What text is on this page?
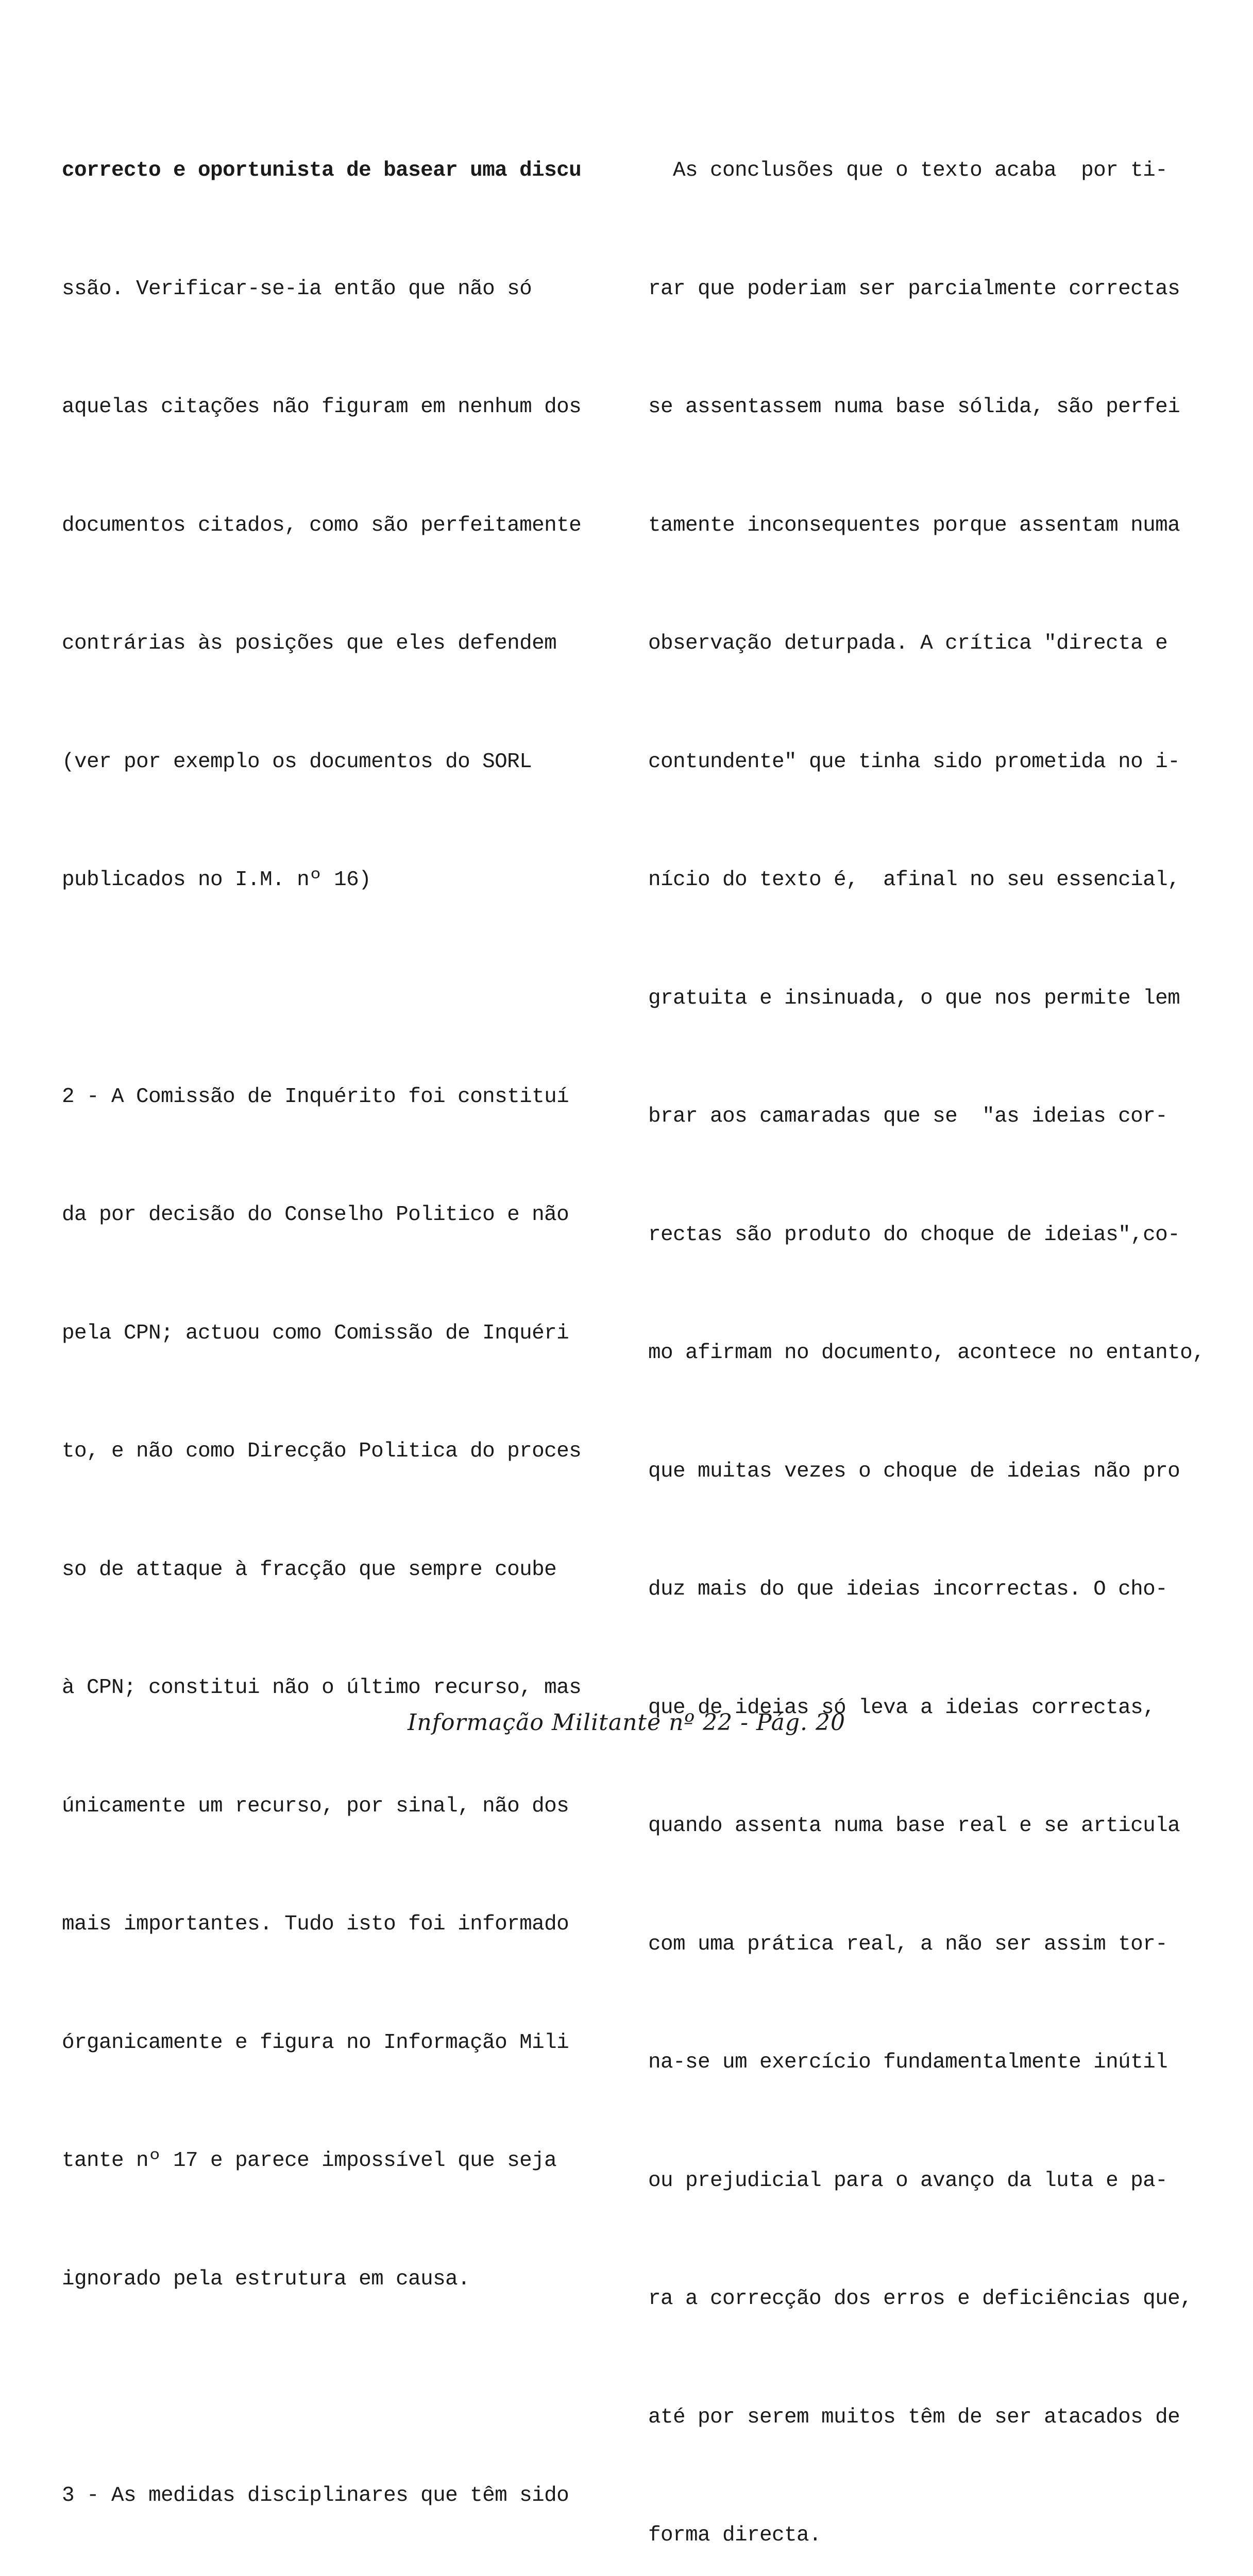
correcto e oportunista de basear uma discu

ssão. Verificar-se-ia então que não só

aquelas citações não figuram em nenhum dos

documentos citados, como são perfeitamente

contrárias às posições que eles defendem

(ver por exemplo os documentos do SORL

publicados no I.M. nº 16)

2 - A Comissão de Inquérito foi constituí

da por decisão do Conselho Politico e não

pela CPN; actuou como Comissão de Inquéri

to, e não como Direcção Politica do proces

so de attaque à fracção que sempre coube

à CPN; constitui não o último recurso, mas

únicamente um recurso, por sinal, não dos

mais importantes. Tudo isto foi informado

órganicamente e figura no Informação Mili

tante nº 17 e parece impossível que seja

ignorado pela estrutura em causa.

3 - As medidas disciplinares que têm sido

As conclusões que o texto acaba  por ti-

rar que poderiam ser parcialmente correctas

se assentassem numa base sólida, são perfei

tamente inconsequentes porque assentam numa

observação deturpada. A crítica "directa e

contundente" que tinha sido prometida no i-

nício do texto é,  afinal no seu essencial,

gratuita e insinuada, o que nos permite lem

brar aos camaradas que se  "as ideias cor-

rectas são produto do choque de ideias",co-

mo afirmam no documento, acontece no entanto,

que muitas vezes o choque de ideias não pro

duz mais do que ideias incorrectas. O cho-

que de ideias só leva a ideias correctas,

quando assenta numa base real e se articula

com uma prática real, a não ser assim tor-

na-se um exercício fundamentalmente inútil

ou prejudicial para o avanço da luta e pa-

ra a correcção dos erros e deficiências que,

até por serem muitos têm de ser atacados de

forma directa.

Informação Militante nº 22 - Pág. 20
